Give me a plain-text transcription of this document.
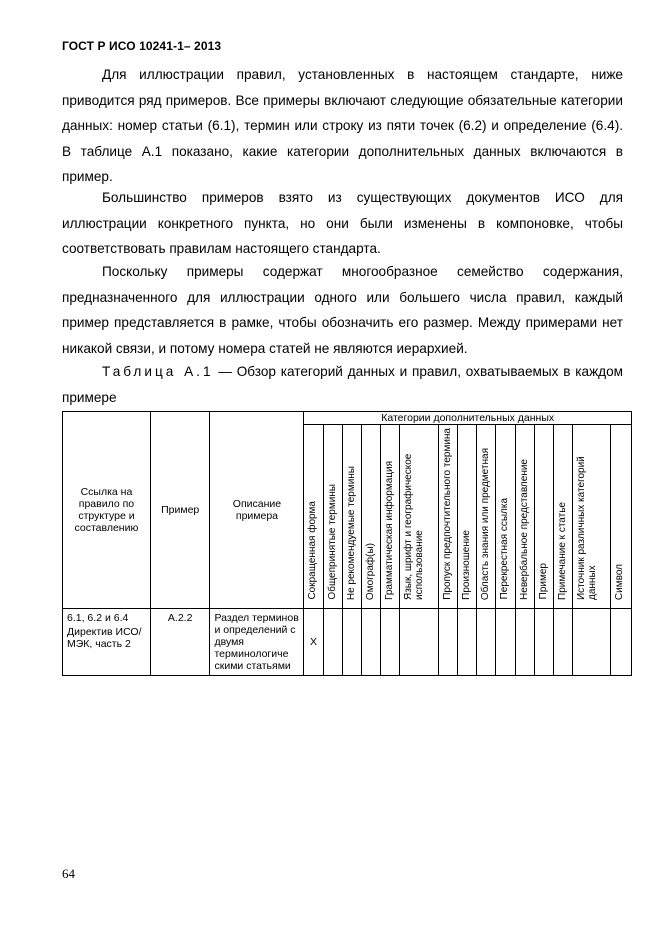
ГОСТ Р ИСО 10241-1– 2013

Для иллюстрации правил, установленных в настоящем стандарте, ниже приводится ряд примеров. Все примеры включают следующие обязательные категории данных: номер статьи (6.1), термин или строку из пяти точек (6.2) и определение (6.4). В таблице А.1 показано, какие категории дополнительных данных включаются в пример.

Большинство примеров взято из существующих документов ИСО для иллюстрации конкретного пункта, но они были изменены в компоновке, чтобы соответствовать правилам настоящего стандарта.

Поскольку примеры содержат многообразное семейство содержания, предназначенного для иллюстрации одного или большего числа правил, каждый пример представляется в рамке, чтобы обозначить его размер. Между примерами нет никакой связи, и потому номера статей не являются иерархией.

Таблица А.1 — Обзор категорий данных и правил, охватываемых в каждом примере

Ссылка на правило по структуре и составлению	Пример	Описание примера	Категории дополнительных данных														
			Сокращенная форма	Общепринятые термины	Не рекомендуемые термины	Омограф(ы)	Грамматическая информация	Язык, шрифт и географическое использование	Пропуск предпочтительного термина	Произношение	Область знания или предметная	Перекрестная ссылка	Невербальное представление	Пример	Примечание к статье	Источник различных категорий данных	Символ

6.1, 6.2 и 6.4
Директив ИСО/МЭК, часть 2	А.2.2	Раздел терминов и определений с двумя терминологиче скими статьями	X														
64
